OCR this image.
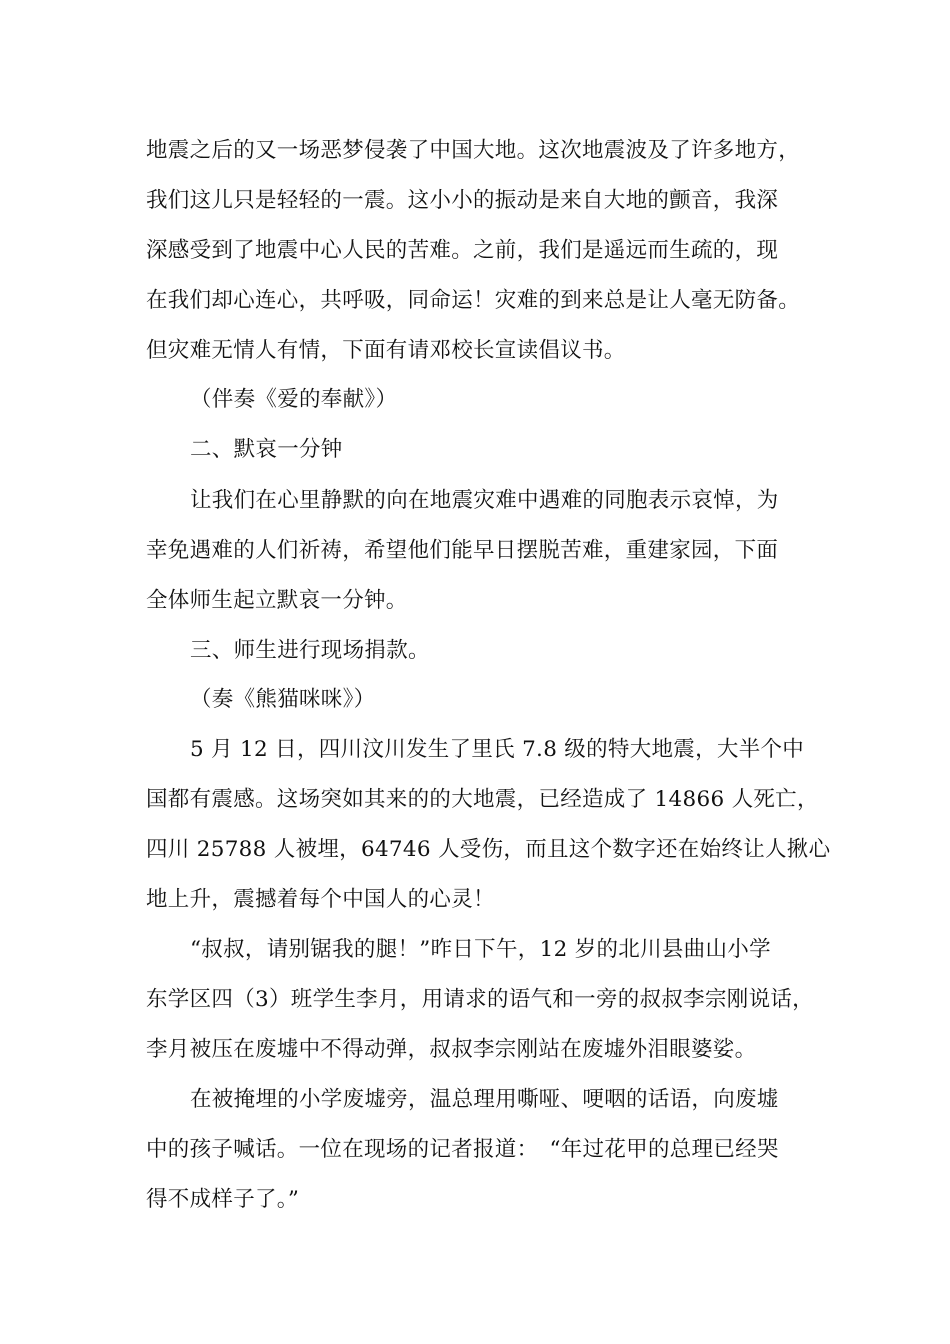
地震之后的又一场恶梦侵袭了中国大地。这次地震波及了许多地方，
我们这儿只是轻轻的一震。这小小的振动是来自大地的颤音，我深
深感受到了地震中心人民的苦难。之前，我们是遥远而生疏的，现
在我们却心连心，共呼吸，同命运！灾难的到来总是让人毫无防备。
但灾难无情人有情，下面有请邓校长宣读倡议书。
（伴奏《爱的奉献》）
二、默哀一分钟
让我们在心里静默的向在地震灾难中遇难的同胞表示哀悼，为
幸免遇难的人们祈祷，希望他们能早日摆脱苦难，重建家园，下面
全体师生起立默哀一分钟。
三、师生进行现场捐款。
（奏《熊猫咪咪》）
5 月 12 日，四川汶川发生了里氏 7.8 级的特大地震，大半个中
国都有震感。这场突如其来的的大地震，已经造成了 14866 人死亡，
四川 25788 人被埋，64746 人受伤，而且这个数字还在始终让人揪心
地上升，震撼着每个中国人的心灵！
“叔叔，请别锯我的腿！”昨日下午，12 岁的北川县曲山小学
东学区四（3）班学生李月，用请求的语气和一旁的叔叔李宗刚说话，
李月被压在废墟中不得动弹，叔叔李宗刚站在废墟外泪眼婆娑。
在被掩埋的小学废墟旁，温总理用嘶哑、哽咽的话语，向废墟
中的孩子喊话。一位在现场的记者报道：　“年过花甲的总理已经哭
得不成样子了。”
